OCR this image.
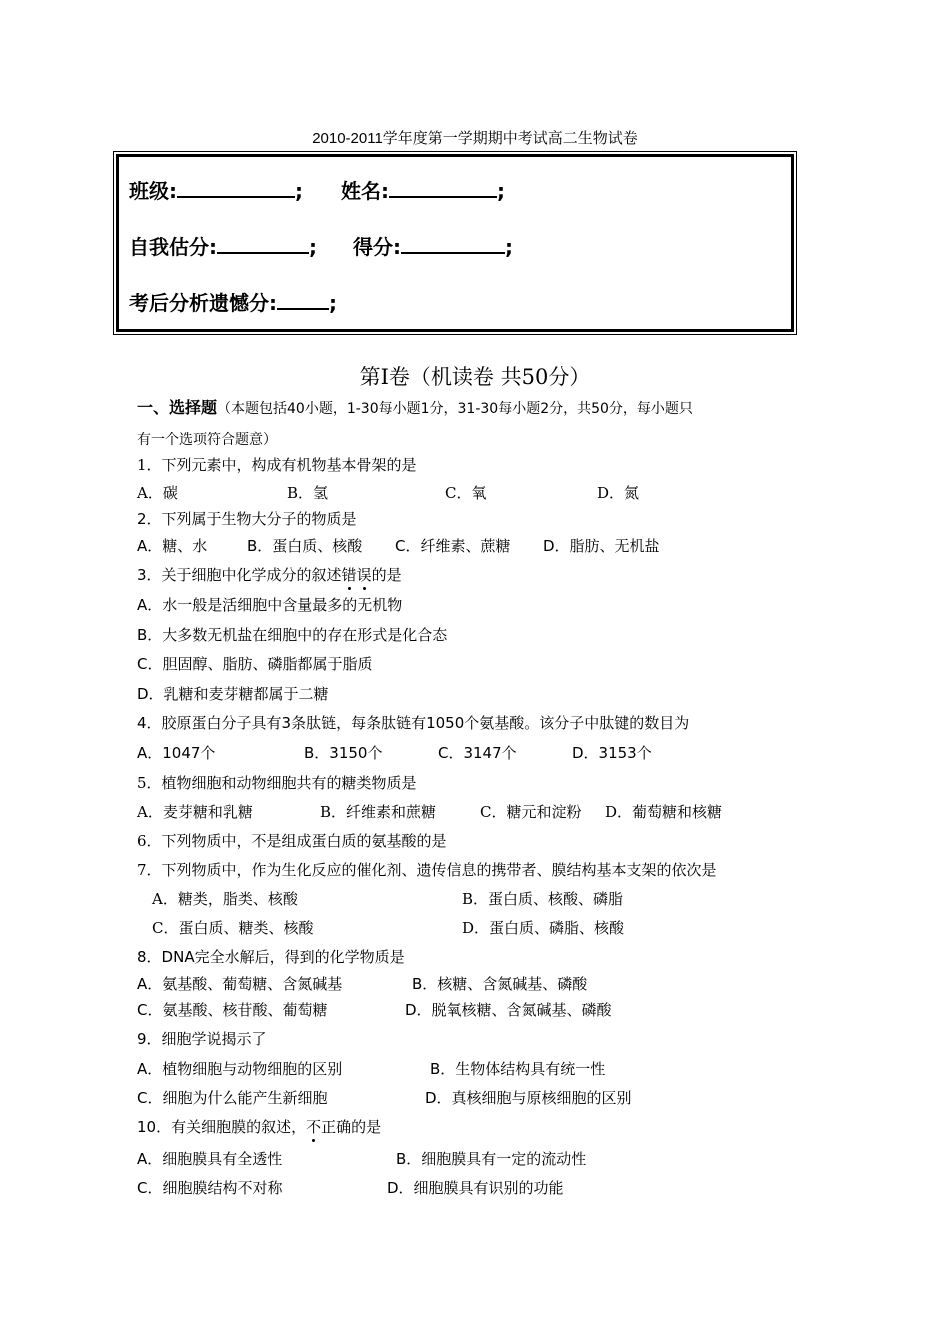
2010-2011学年度第一学期期中考试高二生物试卷
班级:	; 姓名:	;
自我估分:	; 得分:	;
考后分析遗憾分:	;
第Ⅰ卷（机读卷 共50分）
一、选择题（本题包括40小题，1-30每小题1分，31-30每小题2分，共50分，每小题只
有一个选项符合题意）
1．下列元素中，构成有机物基本骨架的是
A．碳	B．氢	C．氧	D．氮
2．下列属于生物大分子的物质是
A．糖、水	B．蛋白质、核酸 C．纤维素、蔗糖 D．脂肪、无机盐
3．关于细胞中化学成分的叙述错误的是
A．水一般是活细胞中含量最多的无机物
B．大多数无机盐在细胞中的存在形式是化合态
C．胆固醇、脂肪、磷脂都属于脂质
D．乳糖和麦芽糖都属于二糖
4．胶原蛋白分子具有3条肽链，每条肽链有1050个氨基酸。该分子中肽键的数目为
A．1047个	B．3150个	C．3147个	D．3153个
5．植物细胞和动物细胞共有的糖类物质是
A．麦芽糖和乳糖	B．纤维素和蔗糖	C．糖元和淀粉 D．葡萄糖和核糖
6．下列物质中，不是组成蛋白质的氨基酸的是
7．下列物质中，作为生化反应的催化剂、遗传信息的携带者、膜结构基本支架的依次是
A．糖类，脂类、核酸	B．蛋白质、核酸、磷脂
C．蛋白质、糖类、核酸	D．蛋白质、磷脂、核酸
8．DNA完全水解后，得到的化学物质是
A．氨基酸、葡萄糖、含氮碱基	B．核糖、含氮碱基、磷酸
C．氨基酸、核苷酸、葡萄糖	D．脱氧核糖、含氮碱基、磷酸
9．细胞学说揭示了
A．植物细胞与动物细胞的区别	B．生物体结构具有统一性
C．细胞为什么能产生新细胞	D．真核细胞与原核细胞的区别
10．有关细胞膜的叙述，不正确的是
A．细胞膜具有全透性	B．细胞膜具有一定的流动性
C．细胞膜结构不对称	D．细胞膜具有识别的功能
